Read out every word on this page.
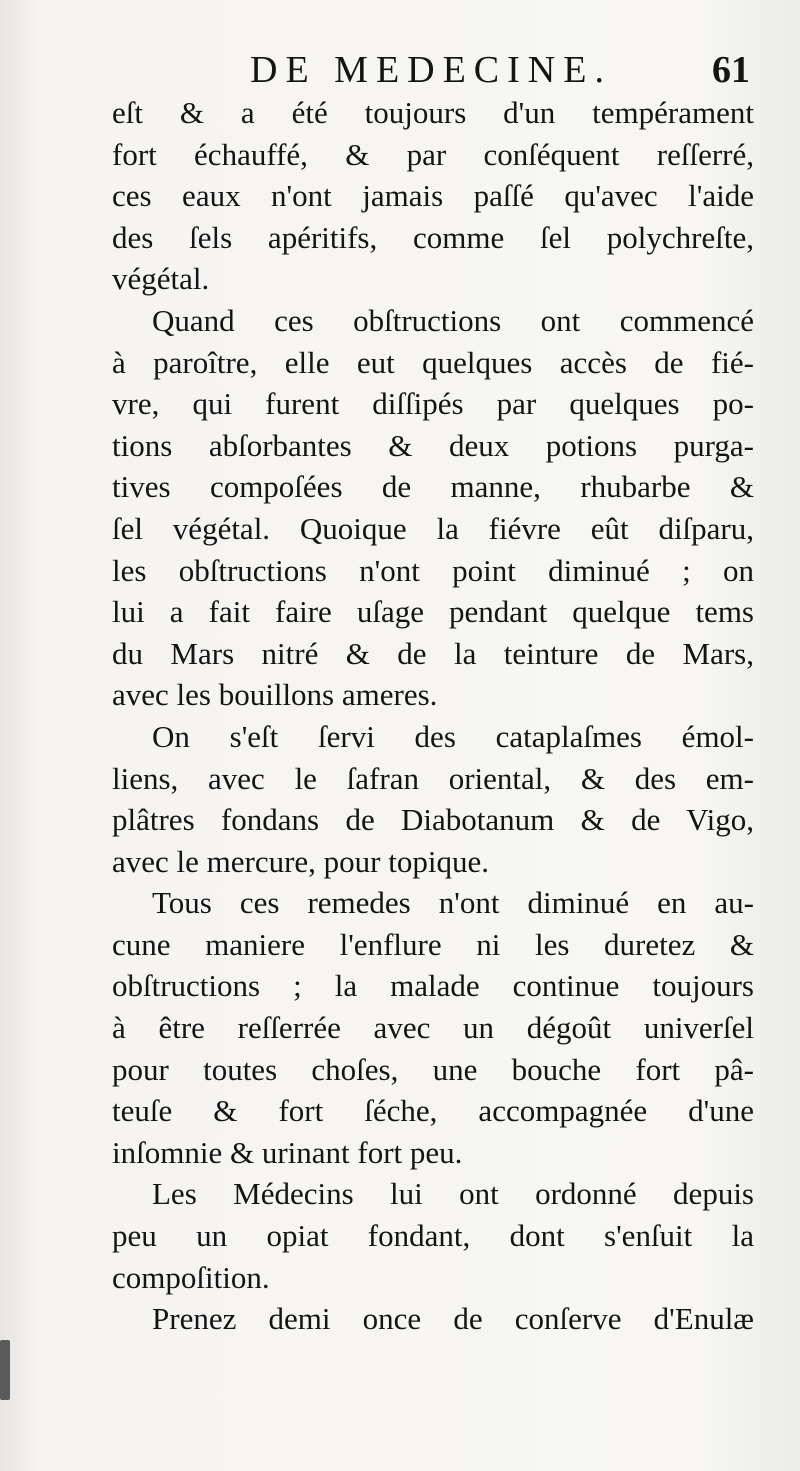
DE MEDECINE.	61
eſt & a été toujours d'un tempérament
fort échauffé, & par conſéquent reſſerré,
ces eaux n'ont jamais paſſé qu'avec l'aide
des ſels apéritifs, comme ſel polychreſte,
végétal.
Quand ces obſtructions ont commencé
à paroître, elle eut quelques accès de fié-
vre, qui furent diſſipés par quelques po-
tions abſorbantes & deux potions purga-
tives compoſées de manne, rhubarbe &
ſel végétal. Quoique la fiévre eût diſparu,
les obſtructions n'ont point diminué ; on
lui a fait faire uſage pendant quelque tems
du Mars nitré & de la teinture de Mars,
avec les bouillons ameres.
On s'eſt ſervi des cataplaſmes émol-
liens, avec le ſafran oriental, & des em-
plâtres fondans de Diabotanum & de Vigo,
avec le mercure, pour topique.
Tous ces remedes n'ont diminué en au-
cune maniere l'enflure ni les duretez &
obſtructions ; la malade continue toujours
à être reſſerrée avec un dégoût univerſel
pour toutes choſes, une bouche fort pâ-
teuſe & fort ſéche, accompagnée d'une
inſomnie & urinant fort peu.
Les Médecins lui ont ordonné depuis
peu un opiat fondant, dont s'enſuit la
compoſition.
Prenez demi once de conſerve d'Enulæ
